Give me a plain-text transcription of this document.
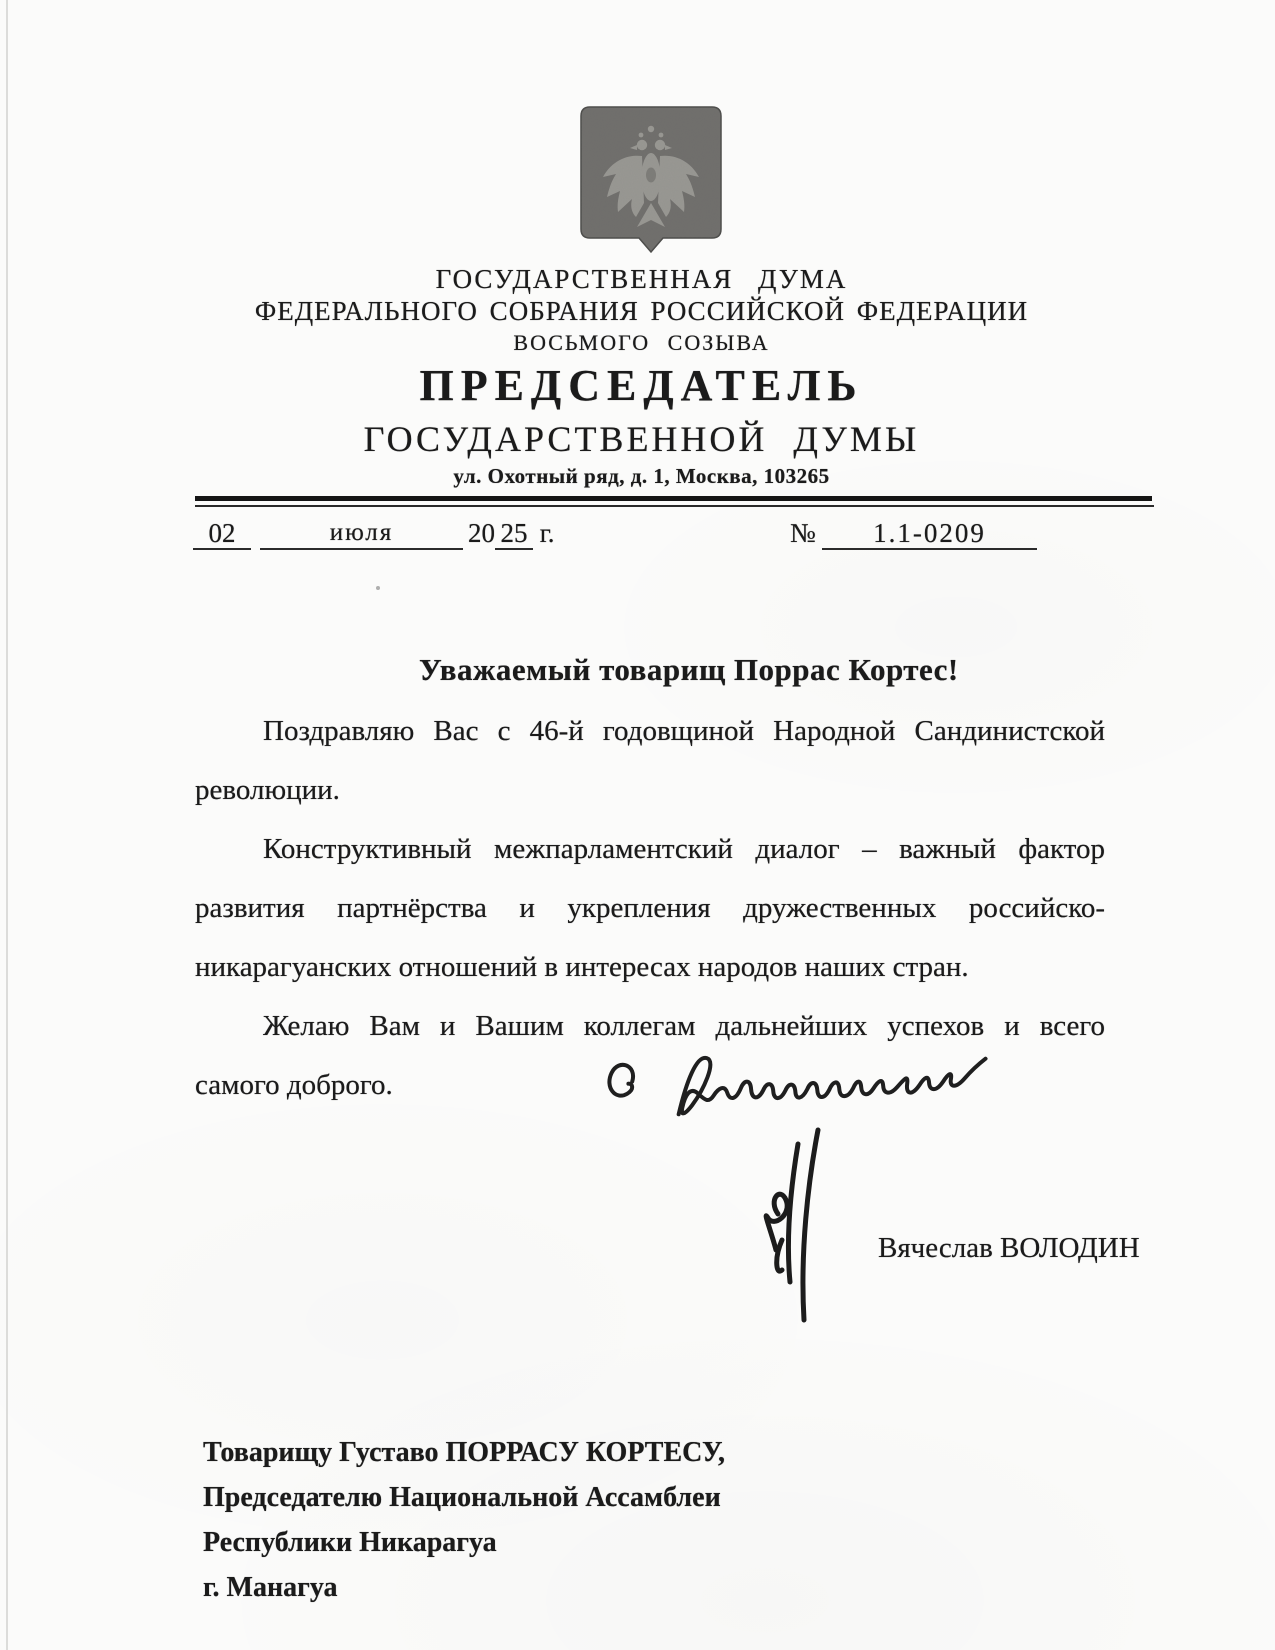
ГОСУДАРСТВЕННАЯ ДУМА
ФЕДЕРАЛЬНОГО СОБРАНИЯ РОССИЙСКОЙ ФЕДЕРАЦИИ
ВОСЬМОГО СОЗЫВА
ПРЕДСЕДАТЕЛЬ
ГОСУДАРСТВЕННОЙ ДУМЫ
ул. Охотный ряд, д. 1, Москва, 103265
02	июля	20 25 г.	№	1.1-0209
Уважаемый товарищ Поррас Кортес!
Поздравляю Вас с 46-й годовщиной Народной Сандинистской
революции.
Конструктивный межпарламентский диалог – важный фактор
развития партнёрства и укрепления дружественных российско-
никарагуанских отношений в интересах народов наших стран.
Желаю Вам и Вашим коллегам дальнейших успехов и всего
самого доброго.
Вячеслав ВОЛОДИН
Товарищу Густаво ПОРРАСУ КОРТЕСУ,
Председателю Национальной Ассамблеи
Республики Никарагуа
г. Манагуа
